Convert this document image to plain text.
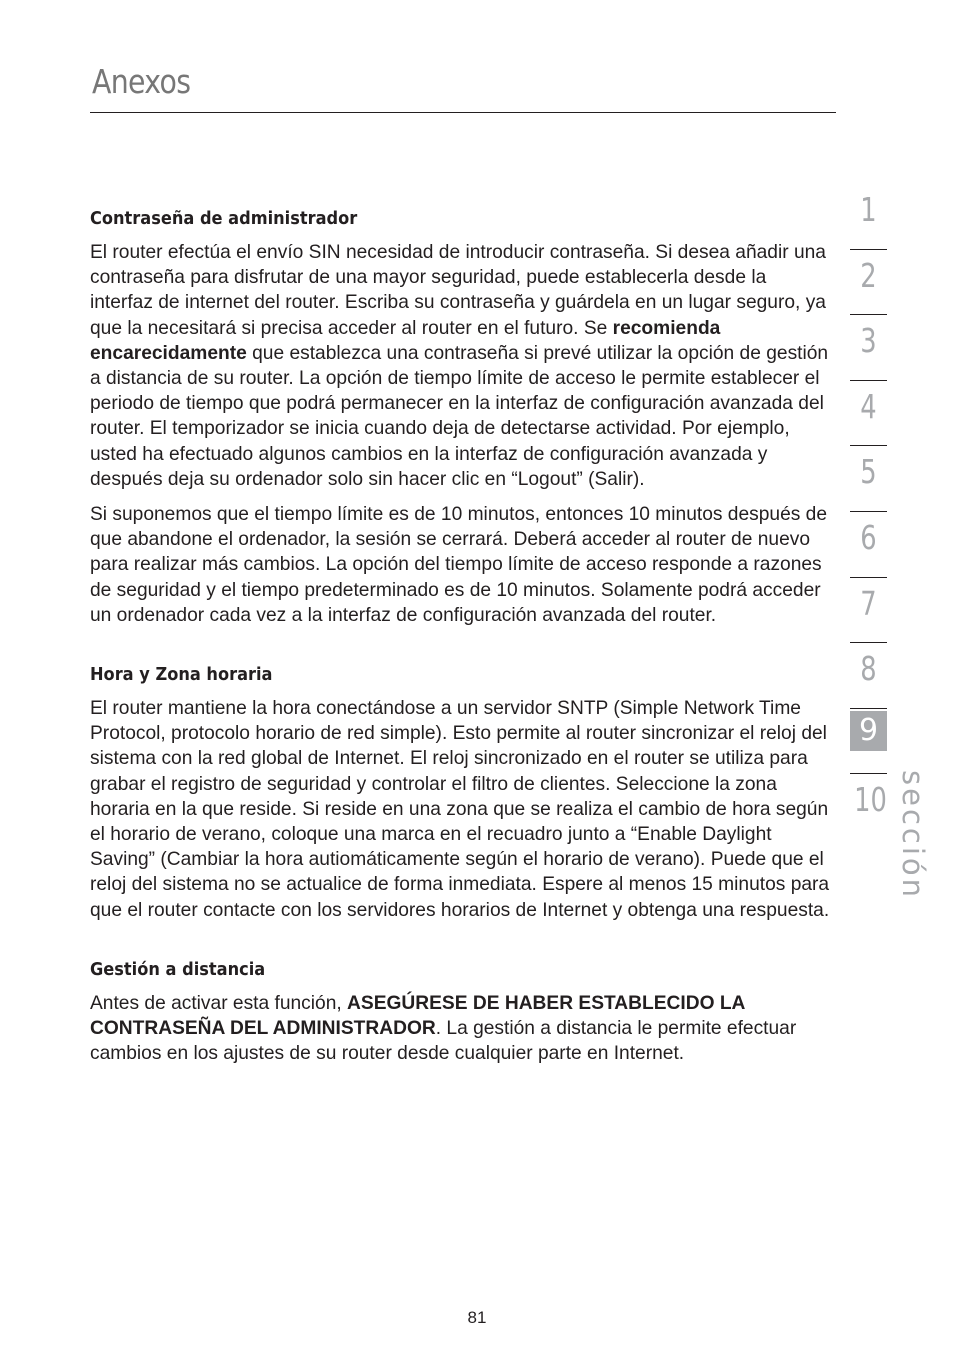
Anexos
Contraseña de administrador

El router efectúa el envío SIN necesidad de introducir contraseña. Si desea añadir una contraseña para disfrutar de una mayor seguridad, puede establecerla desde la interfaz de internet del router. Escriba su contraseña y guárdela en un lugar seguro, ya que la necesitará si precisa acceder al router en el futuro. Se recomienda encarecidamente que establezca una contraseña si prevé utilizar la opción de gestión a distancia de su router. La opción de tiempo límite de acceso le permite establecer el periodo de tiempo que podrá permanecer en la interfaz de configuración avanzada del router. El temporizador se inicia cuando deja de detectarse actividad. Por ejemplo, usted ha efectuado algunos cambios en la interfaz de configuración avanzada y después deja su ordenador solo sin hacer clic en “Logout” (Salir).

Si suponemos que el tiempo límite es de 10 minutos, entonces 10 minutos después de que abandone el ordenador, la sesión se cerrará. Deberá acceder al router de nuevo para realizar más cambios. La opción del tiempo límite de acceso responde a razones de seguridad y el tiempo predeterminado es de 10 minutos. Solamente podrá acceder un ordenador cada vez a la interfaz de configuración avanzada del router.

Hora y Zona horaria

El router mantiene la hora conectándose a un servidor SNTP (Simple Network Time Protocol, protocolo horario de red simple). Esto permite al router sincronizar el reloj del sistema con la red global de Internet. El reloj sincronizado en el router se utiliza para grabar el registro de seguridad y controlar el filtro de clientes. Seleccione la zona horaria en la que reside. Si reside en una zona que se realiza el cambio de hora según el horario de verano, coloque una marca en el recuadro junto a “Enable Daylight Saving” (Cambiar la hora autiomáticamente según el horario de verano). Puede que el reloj del sistema no se actualice de forma inmediata. Espere al menos 15 minutos para que el router contacte con los servidores horarios de Internet y obtenga una respuesta.

Gestión a distancia

Antes de activar esta función, ASEGÚRESE DE HABER ESTABLECIDO LA CONTRASEÑA DEL ADMINISTRADOR. La gestión a distancia le permite efectuar cambios en los ajustes de su router desde cualquier parte en Internet.

1
2
3
4
5
6
7
8
9
10 sección
81
